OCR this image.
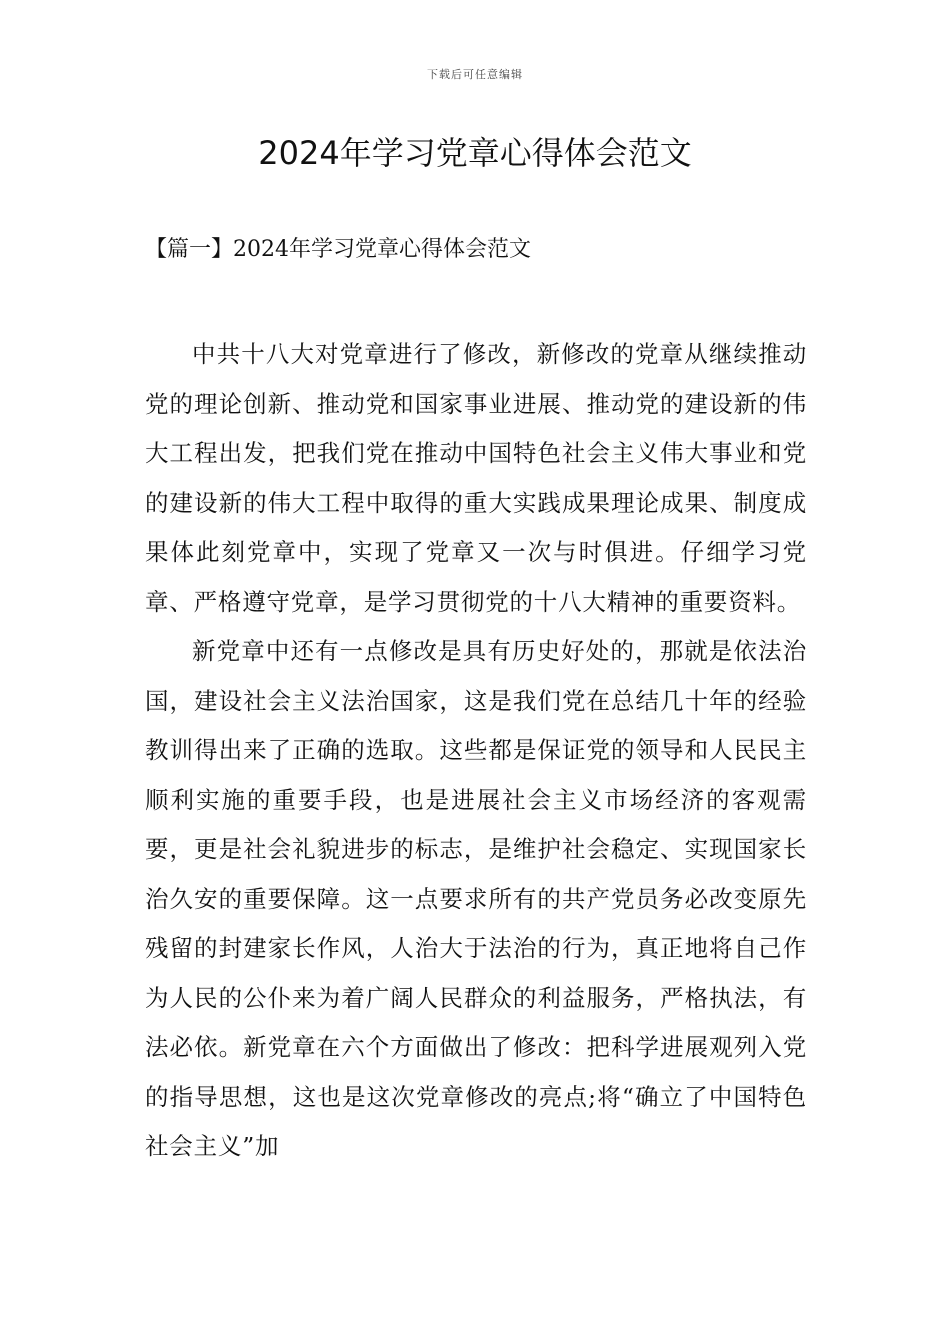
下载后可任意编辑
2024年学习党章心得体会范文
【篇一】2024年学习党章心得体会范文

中共十八大对党章进行了修改，新修改的党章从继续推动党的理论创新、推动党和国家事业进展、推动党的建设新的伟大工程出发，把我们党在推动中国特色社会主义伟大事业和党的建设新的伟大工程中取得的重大实践成果理论成果、制度成果体此刻党章中，实现了党章又一次与时俱进。仔细学习党章、严格遵守党章，是学习贯彻党的十八大精神的重要资料。

新党章中还有一点修改是具有历史好处的，那就是依法治国，建设社会主义法治国家，这是我们党在总结几十年的经验教训得出来了正确的选取。这些都是保证党的领导和人民民主顺利实施的重要手段，也是进展社会主义市场经济的客观需要，更是社会礼貌进步的标志，是维护社会稳定、实现国家长治久安的重要保障。这一点要求所有的共产党员务必改变原先残留的封建家长作风，人治大于法治的行为，真正地将自己作为人民的公仆来为着广阔人民群众的利益服务，严格执法，有法必依。新党章在六个方面做出了修改：把科学进展观列入党的指导思想，这也是这次党章修改的亮点;将“确立了中国特色社会主义”加
